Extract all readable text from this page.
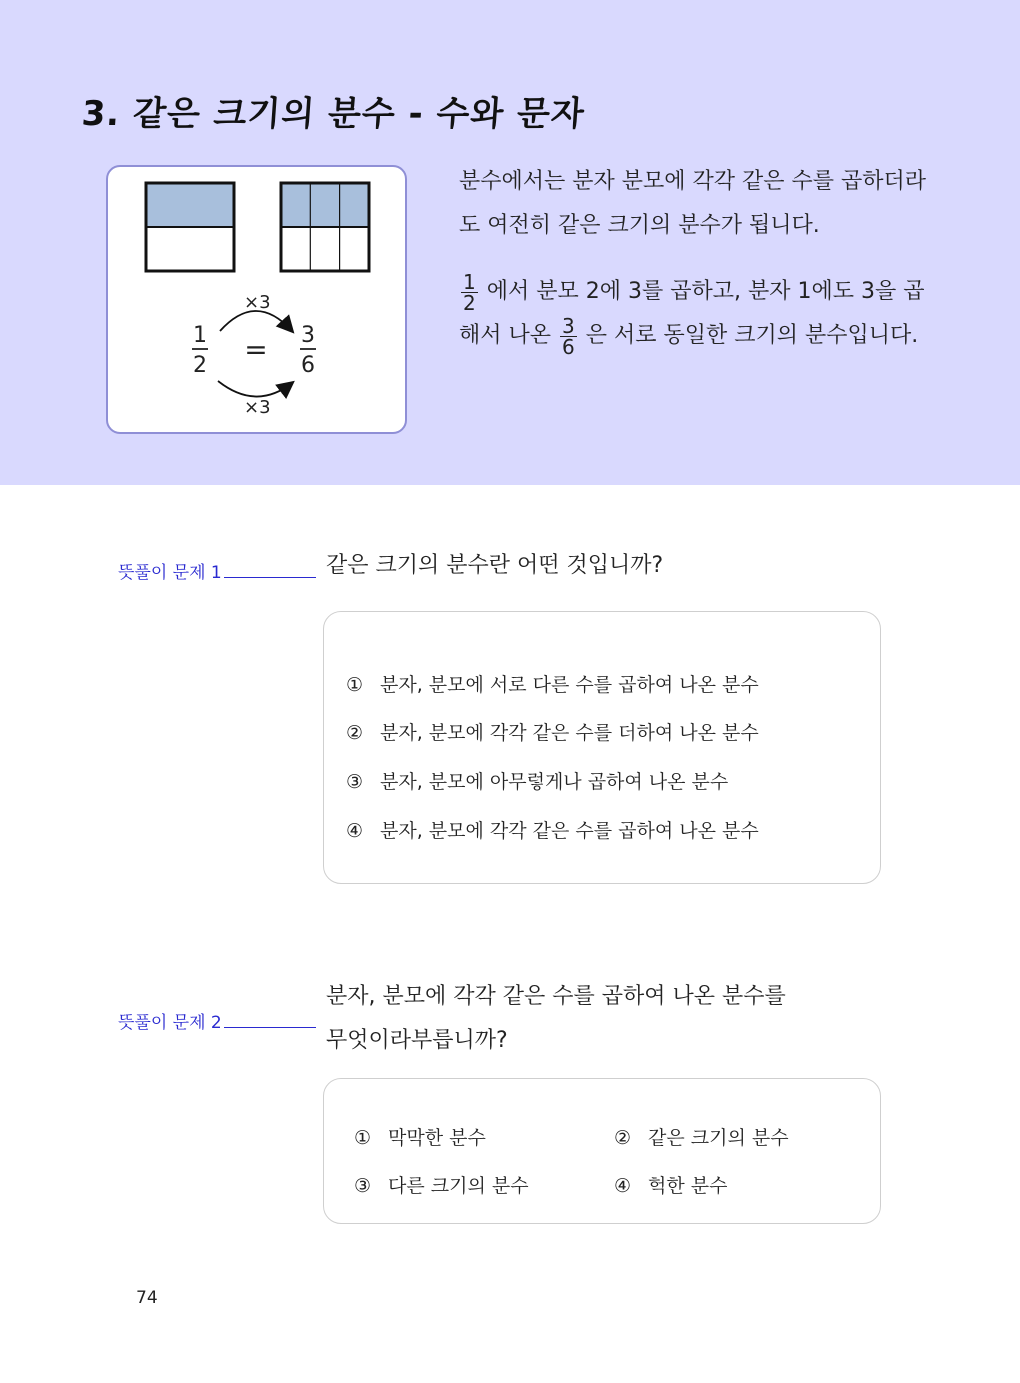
3. 같은 크기의 분수 - 수와 문자
×3
×3
1
2 = 3
6

분수에서는 분자 분모에 각각 같은 수를 곱하더라도 여전히 같은 크기의 분수가 됩니다.

$\frac{1}{2}$ 에서 분모 2에 3를 곱하고, 분자 1에도 3을 곱해서 나온 $\frac{3}{6}$ 은 서로 동일한 크기의 분수입니다.

뜻풀이 문제 1	같은 크기의 분수란 어떤 것입니까?
① 분자, 분모에 서로 다른 수를 곱하여 나온 분수
② 분자, 분모에 각각 같은 수를 더하여 나온 분수
③ 분자, 분모에 아무렇게나 곱하여 나온 분수
④ 분자, 분모에 각각 같은 수를 곱하여 나온 분수
뜻풀이 문제 2
분자, 분모에 각각 같은 수를 곱하여 나온 분수를
무엇이라부릅니까?
① 막막한 분수	② 같은 크기의 분수
③ 다른 크기의 분수	④ 헉한 분수
74
